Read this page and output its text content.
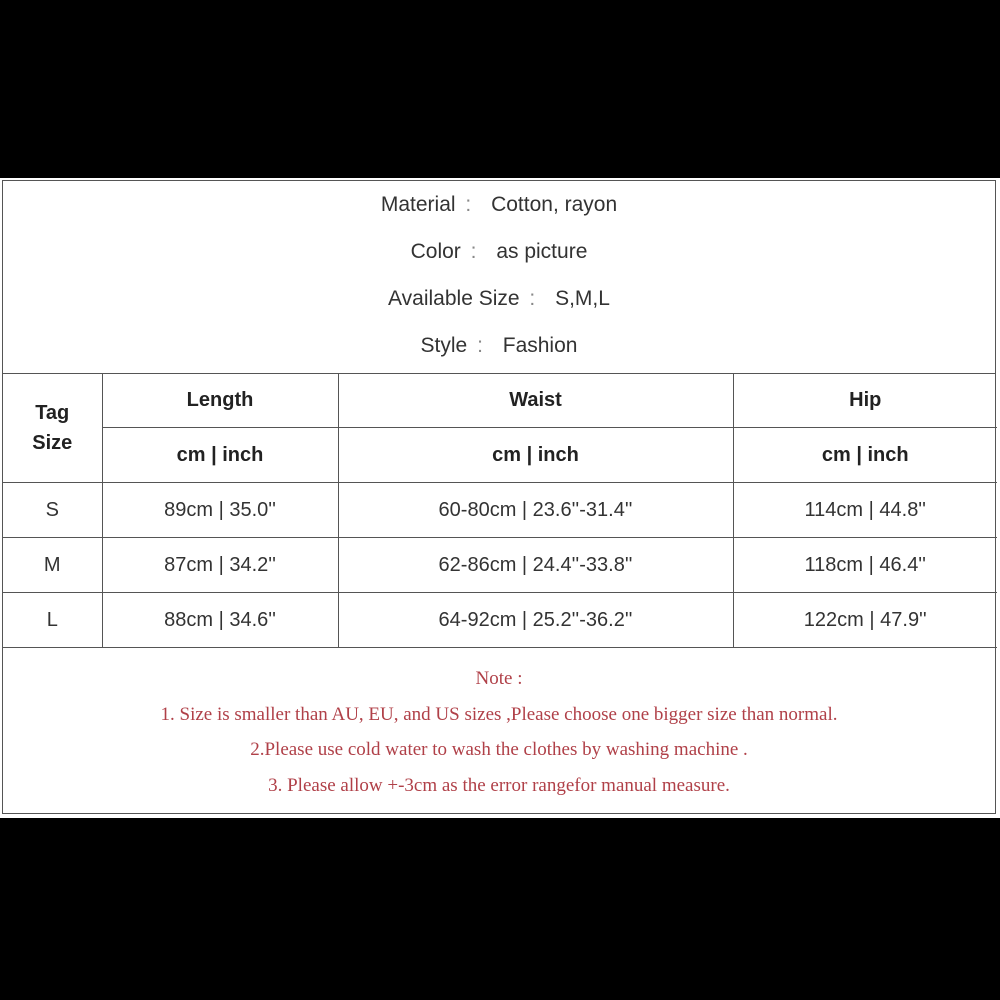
Material : Cotton, rayon
Color : as picture
Available Size : S,M,L
Style : Fashion
Tag
Size	Length	Waist	Hip
	cm | inch	cm | inch	cm | inch
S	89cm | 35.0''	60-80cm | 23.6''-31.4''	114cm | 44.8''
M	87cm | 34.2''	62-86cm | 24.4''-33.8''	118cm | 46.4''
L	88cm | 34.6''	64-92cm | 25.2''-36.2''	122cm | 47.9''
Note :
1. Size is smaller than AU, EU, and US sizes ,Please choose one bigger size than normal.
2.Please use cold water to wash the clothes by washing machine .
3. Please allow +-3cm as the error rangefor manual measure.
